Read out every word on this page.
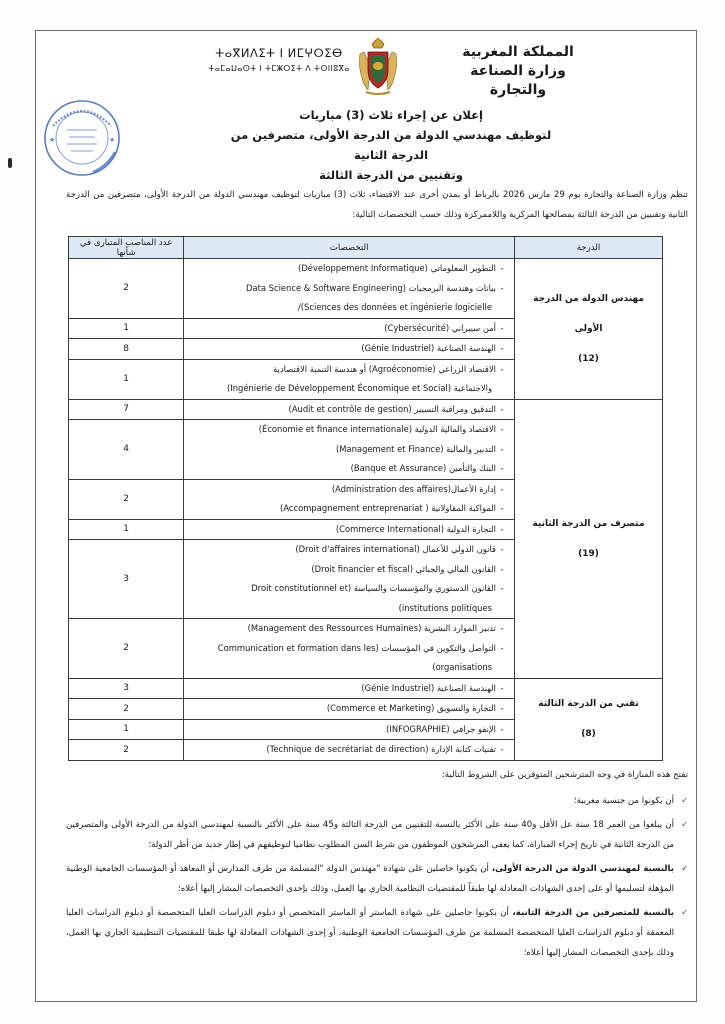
المملكة المغربية
وزارة الصناعة والتجارة
ⵜⴰⴳⵍⴷⵉⵜ ⵏ ⵍⵎⵖⵔⵉⴱ
ⵜⴰⵎⴰⵡⴰⵙⵜ ⵏ ⵜⵎⵥⵔⵉⵜ ⴷ ⵜⵙⵏⵏⵓⴳⴰ
★	★
إعلان عن إجراء ثلاث (3) مباريات
لتوظيف مهندسي الدولة من الدرجة الأولى، متصرفين من الدرجة الثانية
وتقنيين من الدرجة الثالثة
تنظم وزارة الصناعة والتجارة يوم 29 مارس 2026 بالرباط أو بمدن أخرى عند الاقتضاء، ثلاث (3) مباريات لتوظيف مهندسي الدولة من الدرجة الأولى، متصرفين من الدرجة الثانية وتقنيين من الدرجة الثالثة بمصالحها المركزية واللاممركزة وذلك حسب التخصصات التالية:
الدرجة	التخصصات	عدد المناصب المتبارى في شأنها

مهندس الدولة من الدرجة الأولى
(12)

-التطوير المعلوماتي (Développement Informatique)
-بيانات وهندسة البرمجيات (Data Science & Software Engineering
Sciences des données et ingénierie logicielle)/
	2

	-أمن سيبراني (Cybersécurité)	1

	-الهندسة الصناعية (Génie Industriel)	8

	-الاقتصاد الزراعي (Agroéconomie) أو هندسة التنمية الاقتصادية
والاجتماعية (Ingénierie de Développement Économique et Social)	1

متصرف من الدرجة الثانية
(19)	-التدقيق ومراقبة التسيير (Audit et contrôle de gestion)	7

	-الاقتصاد والمالية الدولية (Économie et finance internationale)
-التدبير والمالية (Management et Finance)
-البنك والتأمين (Banque et Assurance)	4

	-إدارة الأعمال(Administration des affaires)
-المواكبة المقاولاتية ( Accompagnement entreprenariat)	2

	-التجارة الدولية (Commerce International)	1

	-قانون الدولي للأعمال (Droit d'affaires international)
-القانون المالي والجبائي (Droit financier et fiscal)
-القانون الدستوري والمؤسسات والسياسة (Droit constitutionnel et
institutions politiques)	3

	-تدبير الموارد البشرية (Management des Ressources Humaines)
-التواصل والتكوين في المؤسسات (Communication et formation dans les
organisations)	2

تقني من الدرجة الثالثة
(8)	-الهندسة الصناعية (Génie Industriel)	3

	-التجارة والتسويق (Commerce et Marketing)	2

	-الإنفو جرافي (INFOGRAPHIE)	1

	-تقنيات كتابة الإدارة (Technique de secrétariat de direction)	2

تفتح هذه المباراة في وجه المترشحين المتوفرين على الشروط التالية:

✓
أن يكونوا من جنسية مغربية؛
✓
أن يبلغوا من العمر 18 سنة عل الأقل و40 سنة على الأكثر بالنسبة للتقنيين من الدرجة الثالثة و45 سنة على الأكثر بالنسبة لمهندسي الدولة من الدرجة الأولى والمتصرفين من الدرجة الثانية في تاريخ إجراء المباراة، كما يعفى المرشحون الموظفون من شرط السن المطلوب نظاميا لتوظيفهم في إطار جديد من أطر الدولة؛
✓
بالنسبة لمهندسي الدولة من الدرجة الأولى، أن يكونوا حاصلين على شهادة "مهندس الدولة "المسلمة من طرف المدارس أو المعاهد أو المؤسسات الجامعية الوطنية المؤهلة لتسليمها أو على إحدى الشهادات المعادلة لها طبقاً للمقتضيات النظامية الجاري بها العمل، وذلك بإحدى التخصصات المشار إليها أعلاه؛
✓
بالنسبة للمتصرفين من الدرجة الثانية، أن يكونوا حاصلين على شهادة الماستر أو الماستر المتخصص أو دبلوم الدراسات العليا المتخصصة أو دبلوم الدراسات العليا المعمقة أو دبلوم الدراسات العليا المتخصصة المسلمة من طرف المؤسسات الجامعية الوطنية، أو إحدى الشهادات المعادلة لها طبقا للمقتضيات التنظيمية الجاري بها العمل، وذلك بإحدى التخصصات المشار إليها أعلاه؛
